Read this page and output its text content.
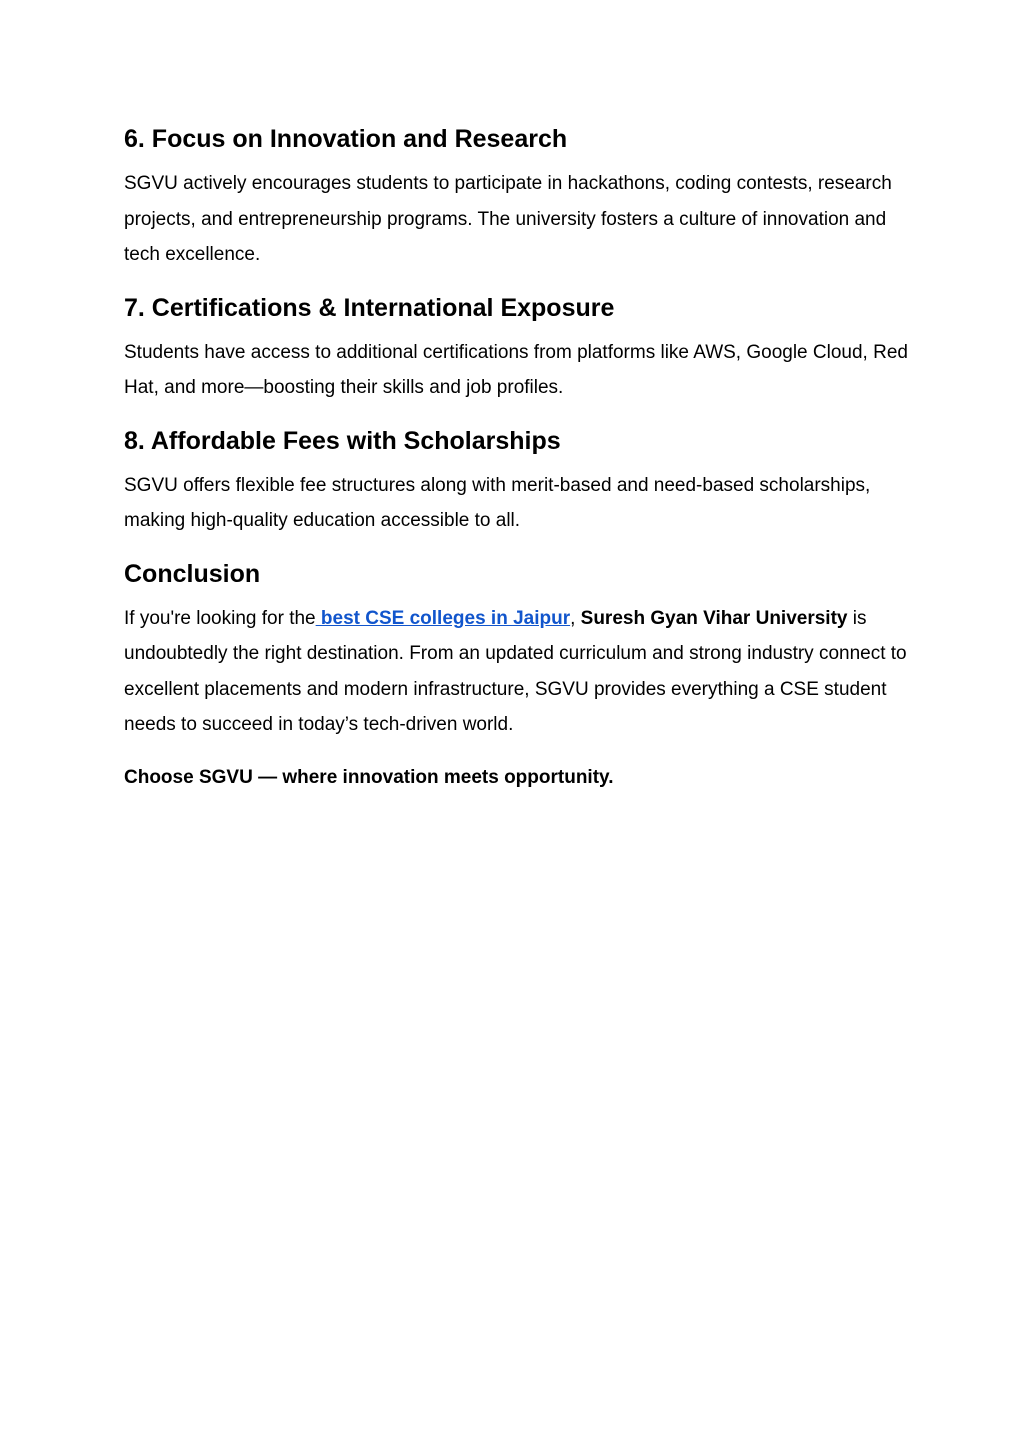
6. Focus on Innovation and Research

SGVU actively encourages students to participate in hackathons, coding contests, research projects, and entrepreneurship programs. The university fosters a culture of innovation and tech excellence.

7. Certifications & International Exposure

Students have access to additional certifications from platforms like AWS, Google Cloud, Red Hat, and more—boosting their skills and job profiles.

8. Affordable Fees with Scholarships

SGVU offers flexible fee structures along with merit-based and need-based scholarships, making high-quality education accessible to all.

Conclusion

If you're looking for the best CSE colleges in Jaipur, Suresh Gyan Vihar University is undoubtedly the right destination. From an updated curriculum and strong industry connect to excellent placements and modern infrastructure, SGVU provides everything a CSE student needs to succeed in today’s tech-driven world.

Choose SGVU — where innovation meets opportunity.
